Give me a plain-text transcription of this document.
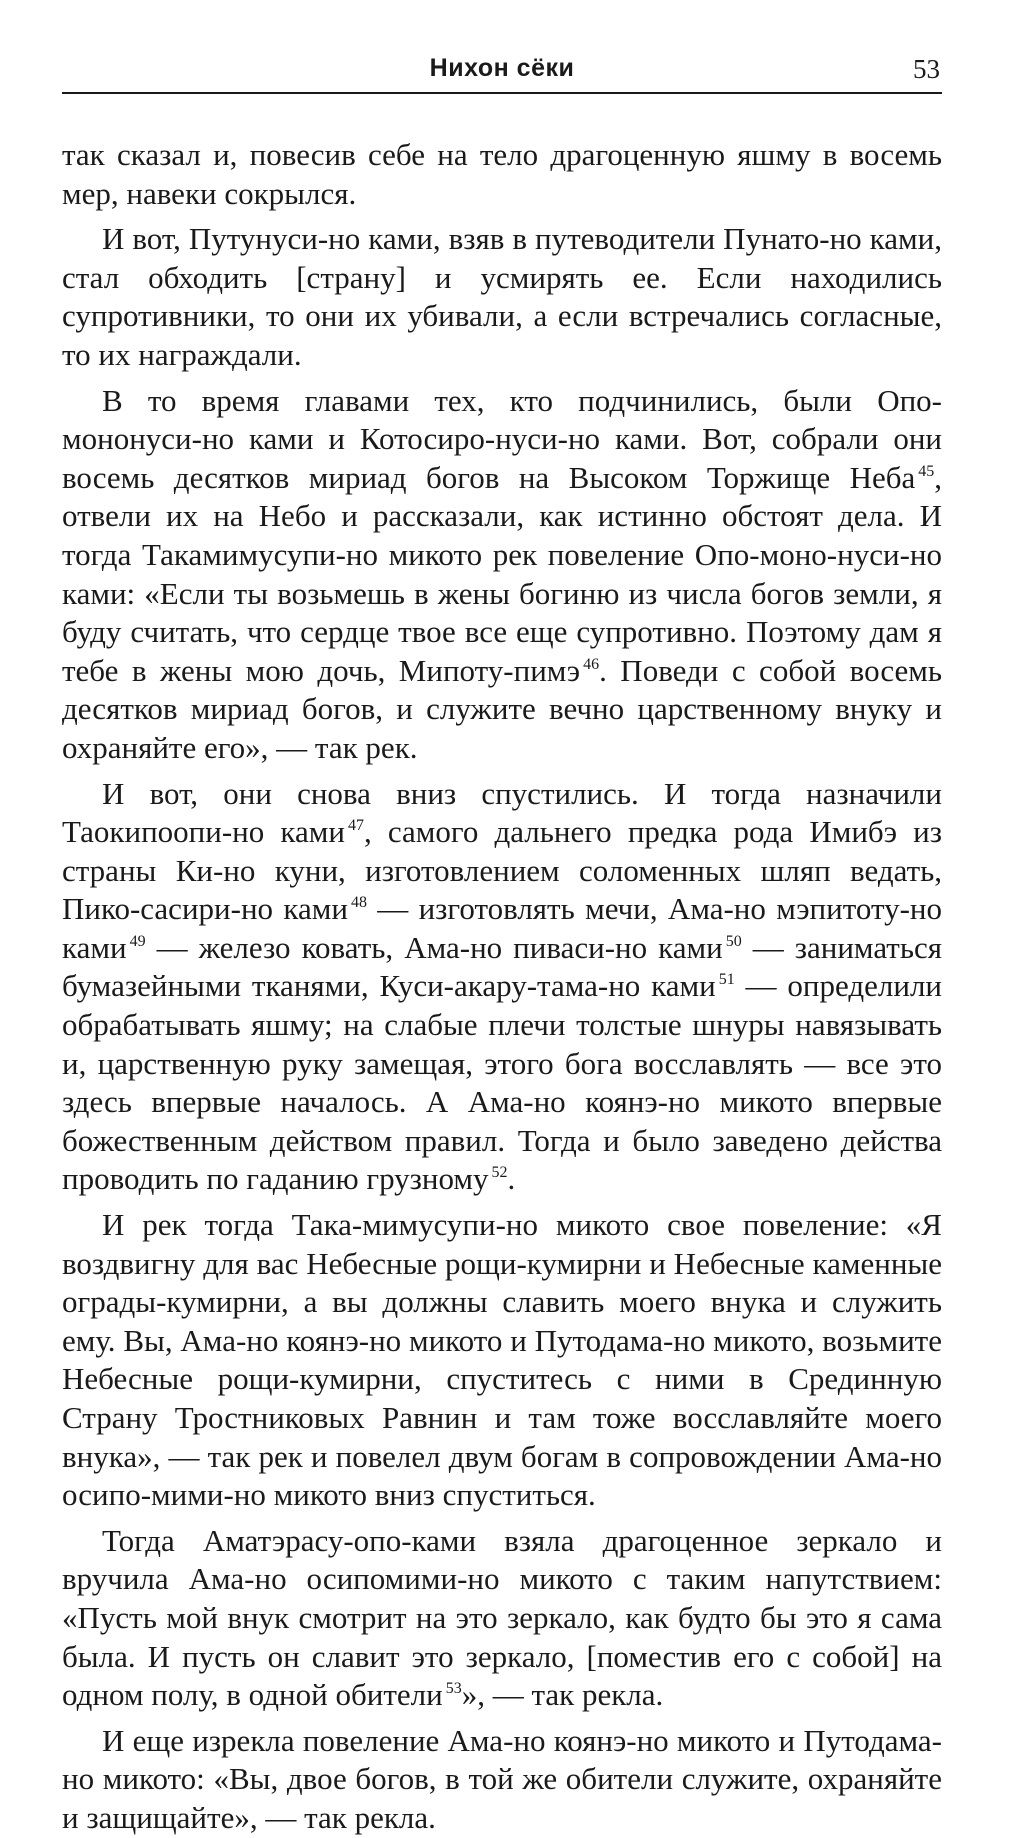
Нихон сёки	53

так сказал и, повесив себе на тело драгоценную яшму в восемь мер, навеки сокрылся.

И вот, Путунуси-но ками, взяв в путеводители Пунато-но ками, стал обходить [страну] и усмирять ее. Если находились супротивники, то они их убивали, а если встречались согласные, то их награждали.

В то время главами тех, кто подчинились, были Опо-мононуси-но ками и Котосиро-нуси-но ками. Вот, собрали они восемь десятков мириад богов на Высоком Торжище Неба $^{45}$, отвели их на Небо и рассказали, как истинно обстоят дела. И тогда Такамимусупи-но микото рек повеление Опо-моно-нуси-но ками: «Если ты возьмешь в жены богиню из числа богов земли, я буду считать, что сердце твое все еще супротивно. Поэтому дам я тебе в жены мою дочь, Мипоту-пимэ $^{46}$. Поведи с собой восемь десятков мириад богов, и служите вечно царственному внуку и охраняйте его», — так рек.

И вот, они снова вниз спустились. И тогда назначили Таокипоопи-но ками $^{47}$, самого дальнего предка рода Имибэ из страны Ки-но куни, изготовлением соломенных шляп ведать, Пико-сасири-но ками $^{48}$ — изготовлять мечи, Ама-но мэпитоту-но ками $^{49}$ — железо ковать, Ама-но пиваси-но ками $^{50}$ — заниматься бумазейными тканями, Куси-акару-тама-но ками $^{51}$ — определили обрабатывать яшму; на слабые плечи толстые шнуры навязывать и, царственную руку замещая, этого бога восславлять — все это здесь впервые началось. А Ама-но коянэ-но микото впервые божественным действом правил. Тогда и было заведено действа проводить по гаданию грузному $^{52}$.

И рек тогда Така-мимусупи-но микото свое повеление: «Я воздвигну для вас Небесные рощи-кумирни и Небесные каменные ограды-кумирни, а вы должны славить моего внука и служить ему. Вы, Ама-но коянэ-но микото и Путодама-но микото, возьмите Небесные рощи-кумирни, спуститесь с ними в Срединную Страну Тростниковых Равнин и там тоже восславляйте моего внука», — так рек и повелел двум богам в сопровождении Ама-но осипо-мими-но микото вниз спуститься.

Тогда Аматэрасу-опо-ками взяла драгоценное зеркало и вручила Ама-но осипомими-но микото с таким напутствием: «Пусть мой внук смотрит на это зеркало, как будто бы это я сама была. И пусть он славит это зеркало, [поместив его с собой] на одном полу, в одной обители $^{53}$», — так рекла.

И еще изрекла повеление Ама-но коянэ-но микото и Путодама-но микото: «Вы, двое богов, в той же обители служите, охраняйте и защищайте», — так рекла.
